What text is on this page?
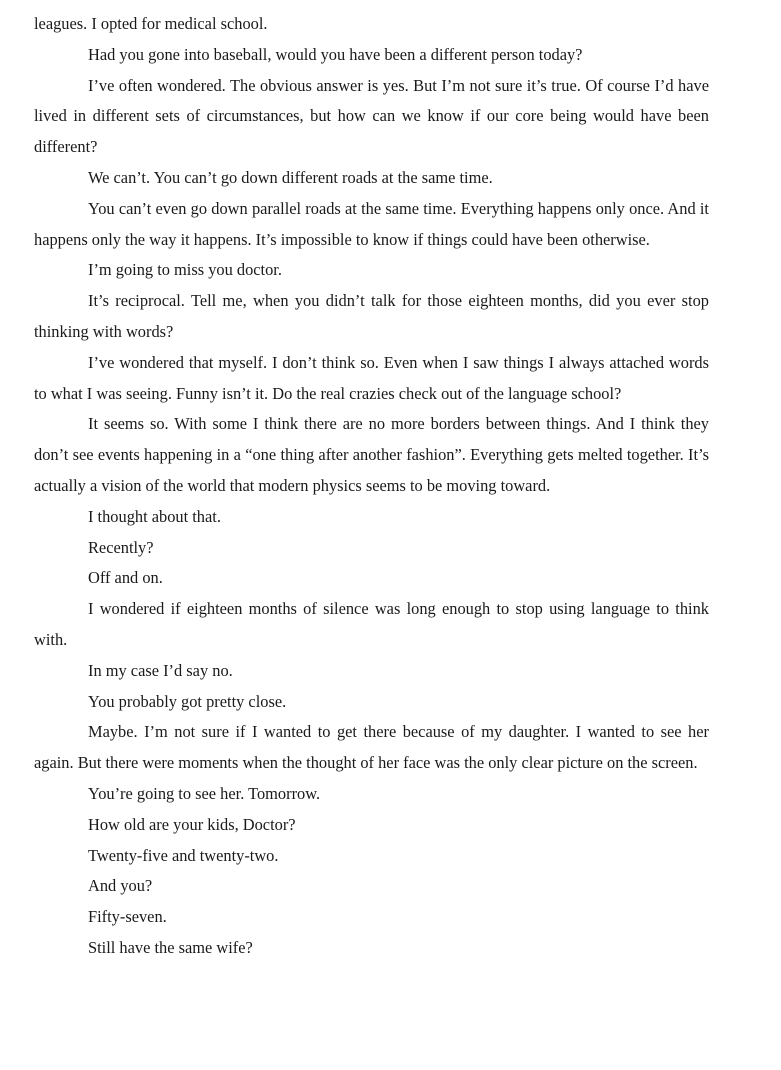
leagues. I opted for medical school.

Had you gone into baseball, would you have been a different person today?

I’ve often wondered. The obvious answer is yes. But I’m not sure it’s true. Of course I’d have lived in different sets of circumstances, but how can we know if our core being would have been different?

We can’t. You can’t go down different roads at the same time.

You can’t even go down parallel roads at the same time. Everything happens only once. And it happens only the way it happens. It’s impossible to know if things could have been otherwise.

I’m going to miss you doctor.

It’s reciprocal. Tell me, when you didn’t talk for those eighteen months, did you ever stop thinking with words?

I’ve wondered that myself. I don’t think so. Even when I saw things I always attached words to what I was seeing. Funny isn’t it. Do the real crazies check out of the language school?

It seems so. With some I think there are no more borders between things. And I think they don’t see events happening in a “one thing after another fashion”. Everything gets melted together. It’s actually a vision of the world that modern physics seems to be moving toward.

I thought about that.

Recently?

Off and on.

I wondered if eighteen months of silence was long enough to stop using language to think with.

In my case I’d say no.

You probably got pretty close.

Maybe. I’m not sure if I wanted to get there because of my daughter. I wanted to see her again. But there were moments when the thought of her face was the only clear picture on the screen.

You’re going to see her. Tomorrow.

How old are your kids, Doctor?

Twenty-five and twenty-two.

And you?

Fifty-seven.

Still have the same wife?
